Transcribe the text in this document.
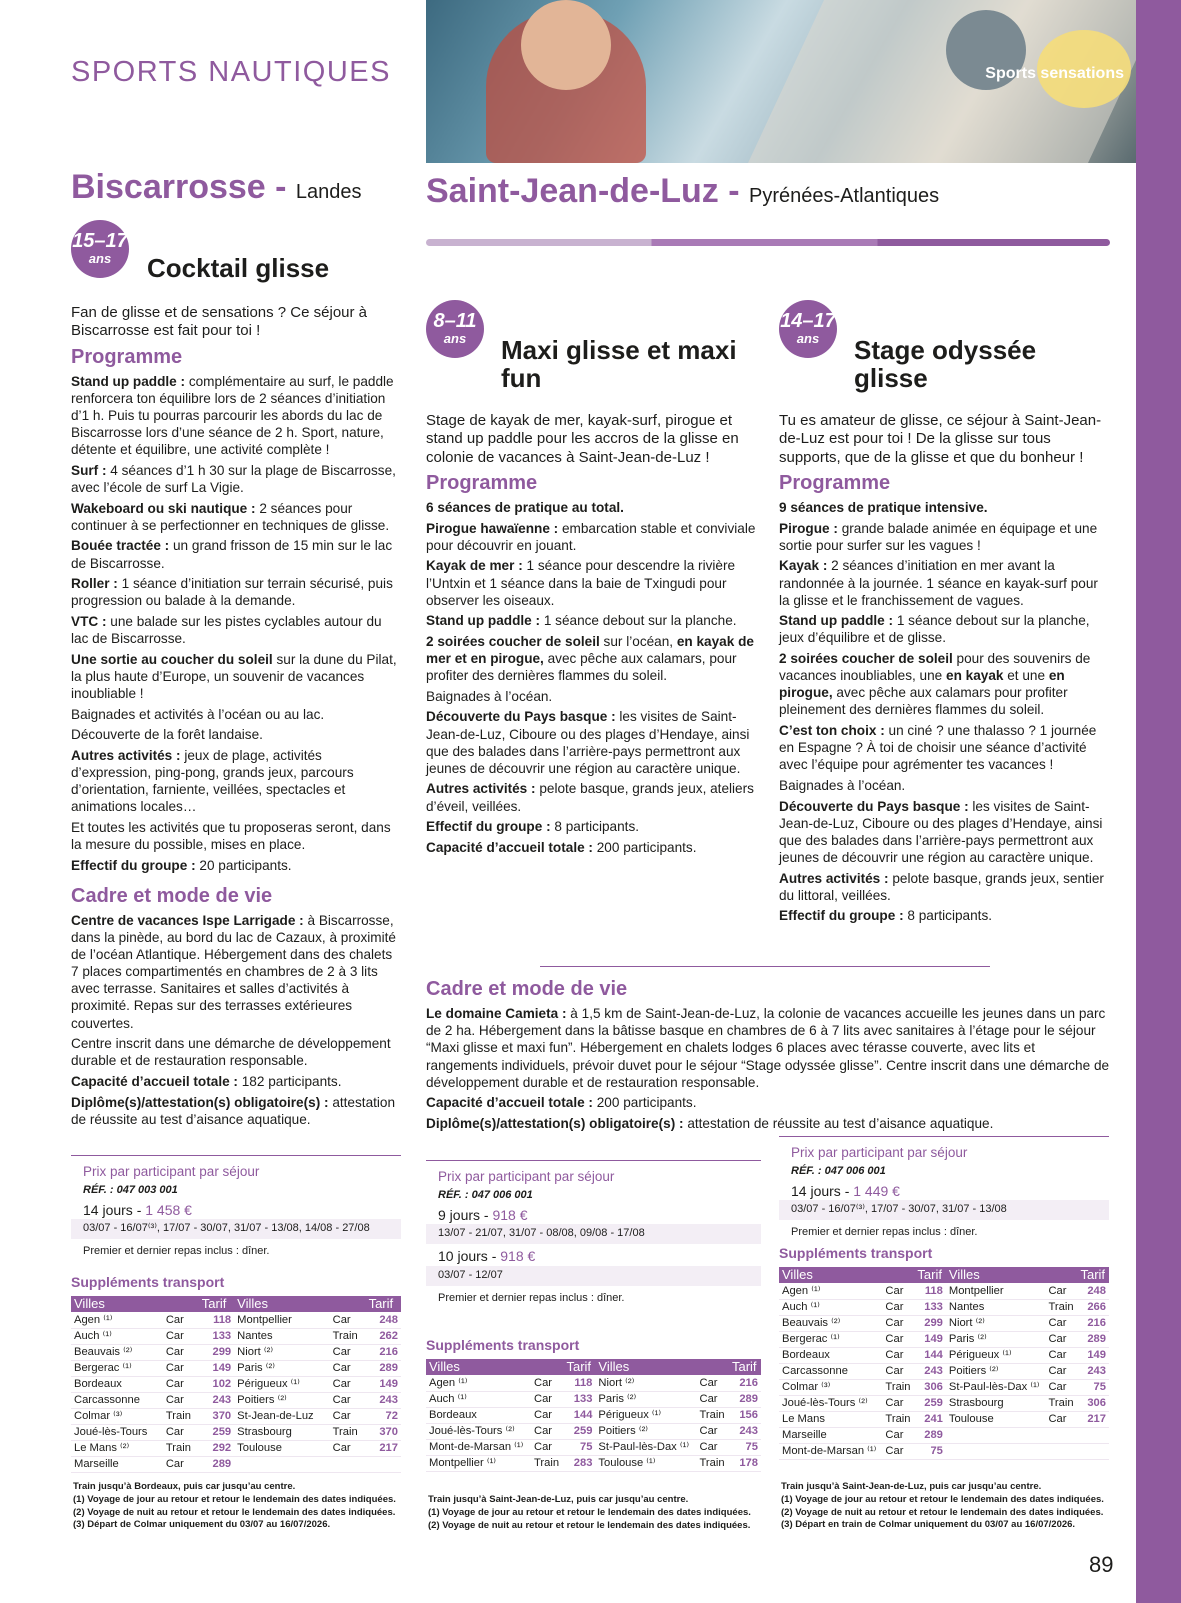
SPORTS NAUTIQUES	Sports sensations
Biscarrosse - Landes
15–17
ans	Cocktail glisse

Fan de glisse et de sensations ? Ce séjour à Biscarrosse est fait pour toi !

Programme

Stand up paddle : complémentaire au surf, le paddle renforcera ton équilibre lors de 2 séances d’initiation d’1 h. Puis tu pourras parcourir les abords du lac de Biscarrosse lors d’une séance de 2 h. Sport, nature, détente et équilibre, une activité complète !

Surf : 4 séances d’1 h 30 sur la plage de Biscarrosse, avec l’école de surf La Vigie.

Wakeboard ou ski nautique : 2 séances pour continuer à se perfectionner en techniques de glisse.

Bouée tractée : un grand frisson de 15 min sur le lac de Biscarrosse.

Roller : 1 séance d’initiation sur terrain sécurisé, puis progression ou balade à la demande.

VTC : une balade sur les pistes cyclables autour du lac de Biscarrosse.

Une sortie au coucher du soleil sur la dune du Pilat, la plus haute d’Europe, un souvenir de vacances inoubliable !

Baignades et activités à l’océan ou au lac.

Découverte de la forêt landaise.

Autres activités : jeux de plage, activités d’expression, ping-pong, grands jeux, parcours d’orientation, farniente, veillées, spectacles et animations locales…

Et toutes les activités que tu proposeras seront, dans la mesure du possible, mises en place.

Effectif du groupe : 20 participants.

Cadre et mode de vie

Centre de vacances Ispe Larrigade : à Biscarrosse, dans la pinède, au bord du lac de Cazaux, à proximité de l’océan Atlantique. Hébergement dans des chalets 7 places compartimentés en chambres de 2 à 3 lits avec terrasse. Sanitaires et salles d’activités à proximité. Repas sur des terrasses extérieures couvertes.

Centre inscrit dans une démarche de développement durable et de restauration responsable.

Capacité d’accueil totale : 182 participants.

Diplôme(s)/attestation(s) obligatoire(s) : attestation de réussite au test d’aisance aquatique.

Saint-Jean-de-Luz - Pyrénées-Atlantiques
8–11
ans	Maxi glisse et maxi fun
14–17
ans	Stage odyssée glisse

Stage de kayak de mer, kayak-surf, pirogue et stand up paddle pour les accros de la glisse en colonie de vacances à Saint-Jean-de-Luz !

Programme

6 séances de pratique au total.

Pirogue hawaïenne : embarcation stable et conviviale pour découvrir en jouant.

Kayak de mer : 1 séance pour descendre la rivière l’Untxin et 1 séance dans la baie de Txingudi pour observer les oiseaux.

Stand up paddle : 1 séance debout sur la planche.

2 soirées coucher de soleil sur l’océan, en kayak de mer et en pirogue, avec pêche aux calamars, pour profiter des dernières flammes du soleil.

Baignades à l’océan.

Découverte du Pays basque : les visites de Saint-Jean-de-Luz, Ciboure ou des plages d’Hendaye, ainsi que des balades dans l’arrière-pays permettront aux jeunes de découvrir une région au caractère unique.

Autres activités : pelote basque, grands jeux, ateliers d’éveil, veillées.

Effectif du groupe : 8 participants.

Capacité d’accueil totale : 200 participants.

Tu es amateur de glisse, ce séjour à Saint-Jean-de-Luz est pour toi ! De la glisse sur tous supports, que de la glisse et que du bonheur !

Programme

9 séances de pratique intensive.

Pirogue : grande balade animée en équipage et une sortie pour surfer sur les vagues !

Kayak : 2 séances d’initiation en mer avant la randonnée à la journée. 1 séance en kayak-surf pour la glisse et le franchissement de vagues.

Stand up paddle : 1 séance debout sur la planche, jeux d’équilibre et de glisse.

2 soirées coucher de soleil pour des souvenirs de vacances inoubliables, une en kayak et une en pirogue, avec pêche aux calamars pour profiter pleinement des dernières flammes du soleil.

C’est ton choix : un ciné ? une thalasso ? 1 journée en Espagne ? À toi de choisir une séance d’activité avec l’équipe pour agrémenter tes vacances !

Baignades à l’océan.

Découverte du Pays basque : les visites de Saint-Jean-de-Luz, Ciboure ou des plages d’Hendaye, ainsi que des balades dans l’arrière-pays permettront aux jeunes de découvrir une région au caractère unique.

Autres activités : pelote basque, grands jeux, sentier du littoral, veillées.

Effectif du groupe : 8 participants.

Cadre et mode de vie

Le domaine Camieta : à 1,5 km de Saint-Jean-de-Luz, la colonie de vacances accueille les jeunes dans un parc de 2 ha. Hébergement dans la bâtisse basque en chambres de 6 à 7 lits avec sanitaires à l’étage pour le séjour “Maxi glisse et maxi fun”. Hébergement en chalets lodges 6 places avec térasse couverte, avec lits et rangements individuels, prévoir duvet pour le séjour “Stage odyssée glisse”. Centre inscrit dans une démarche de développement durable et de restauration responsable.

Capacité d’accueil totale : 200 participants.

Diplôme(s)/attestation(s) obligatoire(s) : attestation de réussite au test d’aisance aquatique.

Prix par participant par séjour
RÉF. : 047 003 001
14 jours - 1 458 €
03/07 - 16/07⁽³⁾, 17/07 - 30/07, 31/07 - 13/08, 14/08 - 27/08
Premier et dernier repas inclus : dîner.
Prix par participant par séjour
RÉF. : 047 006 001
9 jours - 918 €
13/07 - 21/07, 31/07 - 08/08, 09/08 - 17/08
10 jours - 918 €
03/07 - 12/07
Premier et dernier repas inclus : dîner.
Prix par participant par séjour
RÉF. : 047 006 001
14 jours - 1 449 €
03/07 - 16/07⁽³⁾, 17/07 - 30/07, 31/07 - 13/08
Premier et dernier repas inclus : dîner.
Suppléments transport
Villes		Tarif	Villes		Tarif
Agen ⁽¹⁾	Car	118	Montpellier	Car	248
Auch ⁽¹⁾	Car	133	Nantes	Train	262
Beauvais ⁽²⁾	Car	299	Niort ⁽²⁾	Car	216
Bergerac ⁽¹⁾	Car	149	Paris ⁽²⁾	Car	289
Bordeaux	Car	102	Périgueux ⁽¹⁾	Car	149
Carcassonne	Car	243	Poitiers ⁽²⁾	Car	243
Colmar ⁽³⁾	Train	370	St-Jean-de-Luz	Car	72
Joué-lès-Tours	Car	259	Strasbourg	Train	370
Le Mans ⁽²⁾	Train	292	Toulouse	Car	217
Marseille	Car	289			
Train jusqu’à Bordeaux, puis car jusqu’au centre.
(1) Voyage de jour au retour et retour le lendemain des dates indiquées.
(2) Voyage de nuit au retour et retour le lendemain des dates indiquées.
(3) Départ de Colmar uniquement du 03/07 au 16/07/2026.
Suppléments transport
Villes		Tarif	Villes		Tarif
Agen ⁽¹⁾	Car	118	Niort ⁽²⁾	Car	216
Auch ⁽¹⁾	Car	133	Paris ⁽²⁾	Car	289
Bordeaux	Car	144	Périgueux ⁽¹⁾	Train	156
Joué-lès-Tours ⁽²⁾	Car	259	Poitiers ⁽²⁾	Car	243
Mont-de-Marsan ⁽¹⁾	Car	75	St-Paul-lès-Dax ⁽¹⁾	Car	75
Montpellier ⁽¹⁾	Train	283	Toulouse ⁽¹⁾	Train	178
Train jusqu’à Saint-Jean-de-Luz, puis car jusqu’au centre.
(1) Voyage de jour au retour et retour le lendemain des dates indiquées.
(2) Voyage de nuit au retour et retour le lendemain des dates indiquées.
Suppléments transport
Villes		Tarif	Villes		Tarif
Agen ⁽¹⁾	Car	118	Montpellier	Car	248
Auch ⁽¹⁾	Car	133	Nantes	Train	266
Beauvais ⁽²⁾	Car	299	Niort ⁽²⁾	Car	216
Bergerac ⁽¹⁾	Car	149	Paris ⁽²⁾	Car	289
Bordeaux	Car	144	Périgueux ⁽¹⁾	Car	149
Carcassonne	Car	243	Poitiers ⁽²⁾	Car	243
Colmar ⁽³⁾	Train	306	St-Paul-lès-Dax ⁽¹⁾	Car	75
Joué-lès-Tours ⁽²⁾	Car	259	Strasbourg	Train	306
Le Mans	Train	241	Toulouse	Car	217
Marseille	Car	289			
Mont-de-Marsan ⁽¹⁾	Car	75			
Train jusqu’à Saint-Jean-de-Luz, puis car jusqu’au centre.
(1) Voyage de jour au retour et retour le lendemain des dates indiquées.
(2) Voyage de nuit au retour et retour le lendemain des dates indiquées.
(3) Départ en train de Colmar uniquement du 03/07 au 16/07/2026.
89
